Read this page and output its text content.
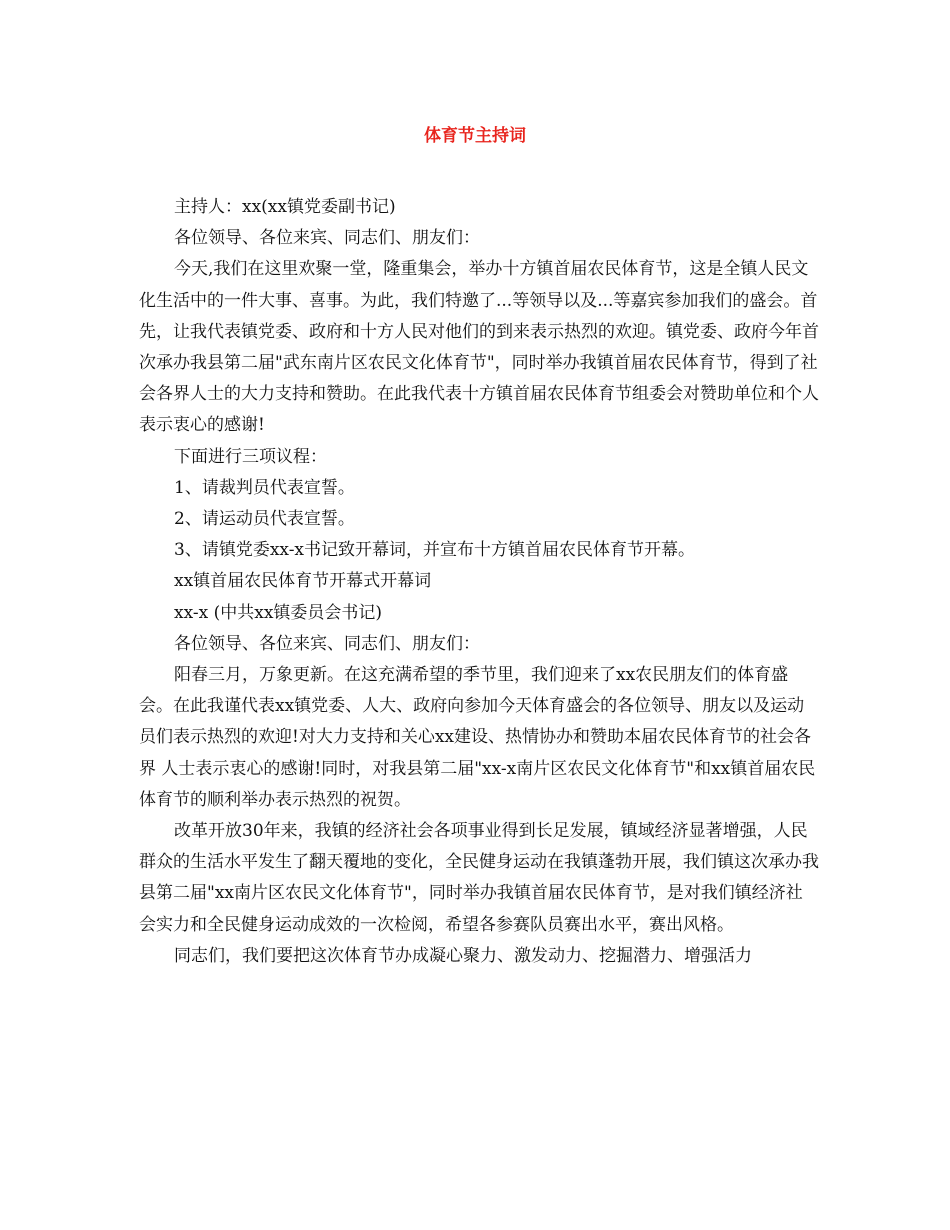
体育节主持词

主持人：xx(xx镇党委副书记)

各位领导、各位来宾、同志们、朋友们：

今天,我们在这里欢聚一堂，隆重集会，举办十方镇首届农民体育节，这是全镇人民文化生活中的一件大事、喜事。为此，我们特邀了...等领导以及...等嘉宾参加我们的盛会。首先，让我代表镇党委、政府和十方人民对他们的到来表示热烈的欢迎。镇党委、政府今年首次承办我县第二届"武东南片区农民文化体育节"，同时举办我镇首届农民体育节，得到了社会各界人士的大力支持和赞助。在此我代表十方镇首届农民体育节组委会对赞助单位和个人表示衷心的感谢!

下面进行三项议程：

1、请裁判员代表宣誓。

2、请运动员代表宣誓。

3、请镇党委xx-x书记致开幕词，并宣布十方镇首届农民体育节开幕。

xx镇首届农民体育节开幕式开幕词

xx-x (中共xx镇委员会书记)

各位领导、各位来宾、同志们、朋友们：

阳春三月，万象更新。在这充满希望的季节里，我们迎来了xx农民朋友们的体育盛会。在此我谨代表xx镇党委、人大、政府向参加今天体育盛会的各位领导、朋友以及运动员们表示热烈的欢迎!对大力支持和关心xx建设、热情协办和赞助本届农民体育节的社会各界 人士表示衷心的感谢!同时，对我县第二届"xx-x南片区农民文化体育节"和xx镇首届农民体育节的顺利举办表示热烈的祝贺。

改革开放30年来，我镇的经济社会各项事业得到长足发展，镇域经济显著增强，人民群众的生活水平发生了翻天覆地的变化，全民健身运动在我镇蓬勃开展，我们镇这次承办我县第二届"xx南片区农民文化体育节"，同时举办我镇首届农民体育节，是对我们镇经济社会实力和全民健身运动成效的一次检阅，希望各参赛队员赛出水平，赛出风格。

同志们，我们要把这次体育节办成凝心聚力、激发动力、挖掘潜力、增强活力
